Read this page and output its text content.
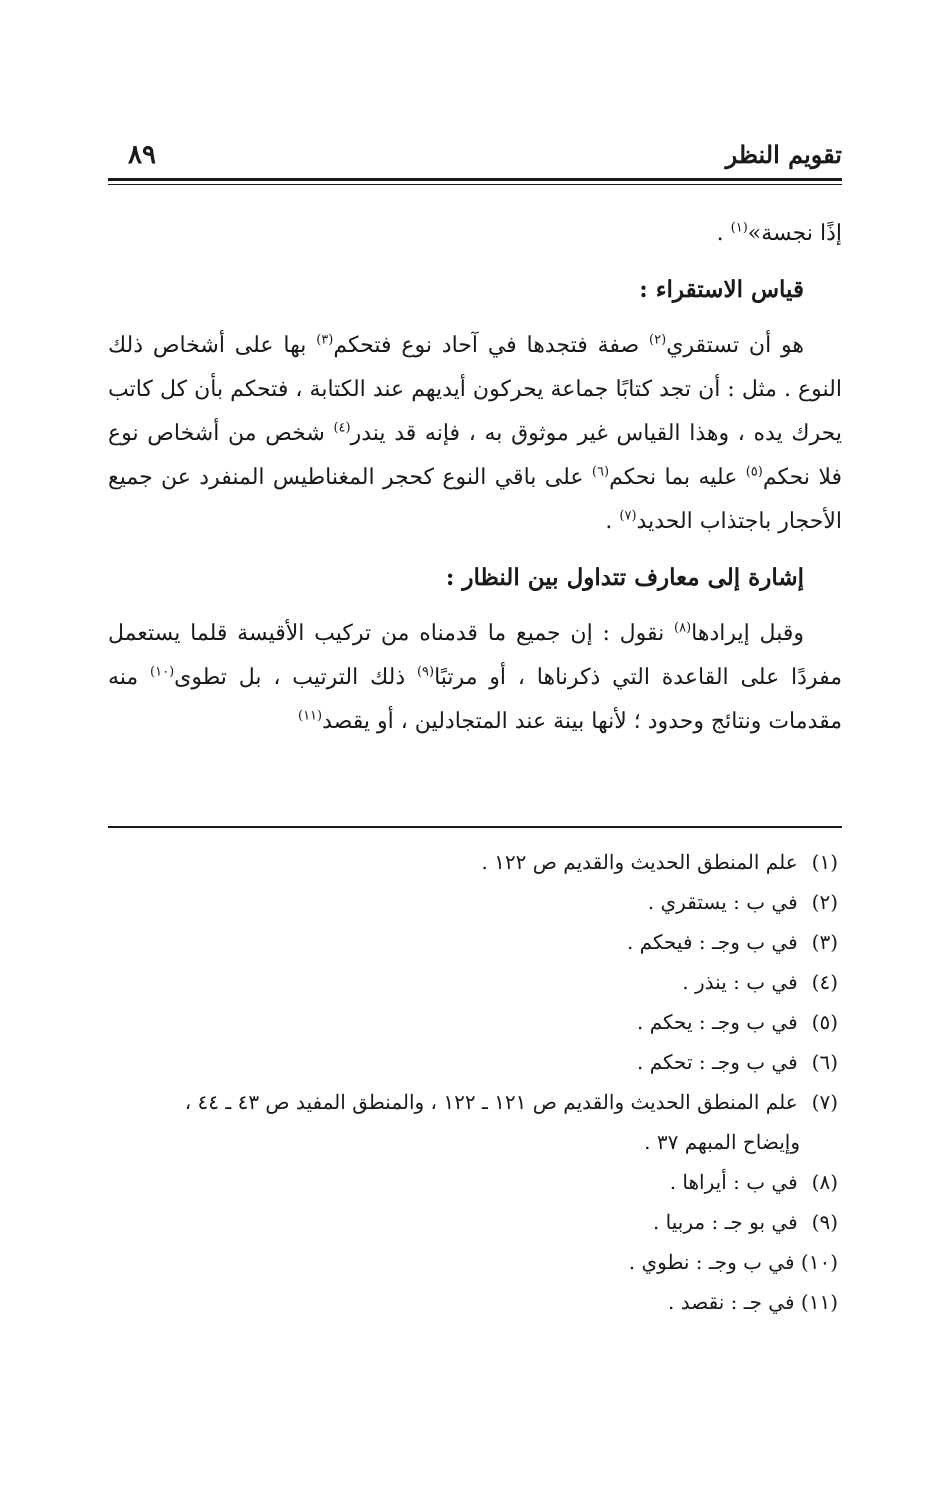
تقويم النظر
٨٩

إذًا نجسة»$^{(١)}$ .

قياس الاستقراء :

هو أن تستقري$^{(٢)}$ صفة فتجدها في آحاد نوع فتحكم$^{(٣)}$ بها على أشخاص ذلك النوع . مثل : أن تجد كتابًا جماعة يحركون أيديهم عند الكتابة ، فتحكم بأن كل كاتب يحرك يده ، وهذا القياس غير موثوق به ، فإنه قد يندر$^{(٤)}$ شخص من أشخاص نوع فلا نحكم$^{(٥)}$ عليه بما نحكم$^{(٦)}$ على باقي النوع كحجر المغناطيس المنفرد عن جميع الأحجار باجتذاب الحديد$^{(٧)}$ .

إشارة إلى معارف تتداول بين النظار :

وقبل إيرادها$^{(٨)}$ نقول : إن جميع ما قدمناه من تركيب الأقيسة قلما يستعمل مفردًا على القاعدة التي ذكرناها ، أو مرتبًا$^{(٩)}$ ذلك الترتيب ، بل تطوى$^{(١٠)}$ منه مقدمات ونتائج وحدود ؛ لأنها بينة عند المتجادلين ، أو يقصد$^{(١١)}$

(١) علم المنطق الحديث والقديم ص ١٢٢ .

(٢) في ب : يستقري .

(٣) في ب وجـ : فيحكم .

(٤) في ب : ينذر .

(٥) في ب وجـ : يحكم .

(٦) في ب وجـ : تحكم .

(٧) علم المنطق الحديث والقديم ص ١٢١ ـ ١٢٢ ، والمنطق المفيد ص ٤٣ ـ ٤٤ ،
وإيضاح المبهم ٣٧ .

(٨) في ب : أيراها .

(٩) في بو جـ : مربيا .

(١٠) في ب وجـ : نطوي .

(١١) في جـ : نقصد .
